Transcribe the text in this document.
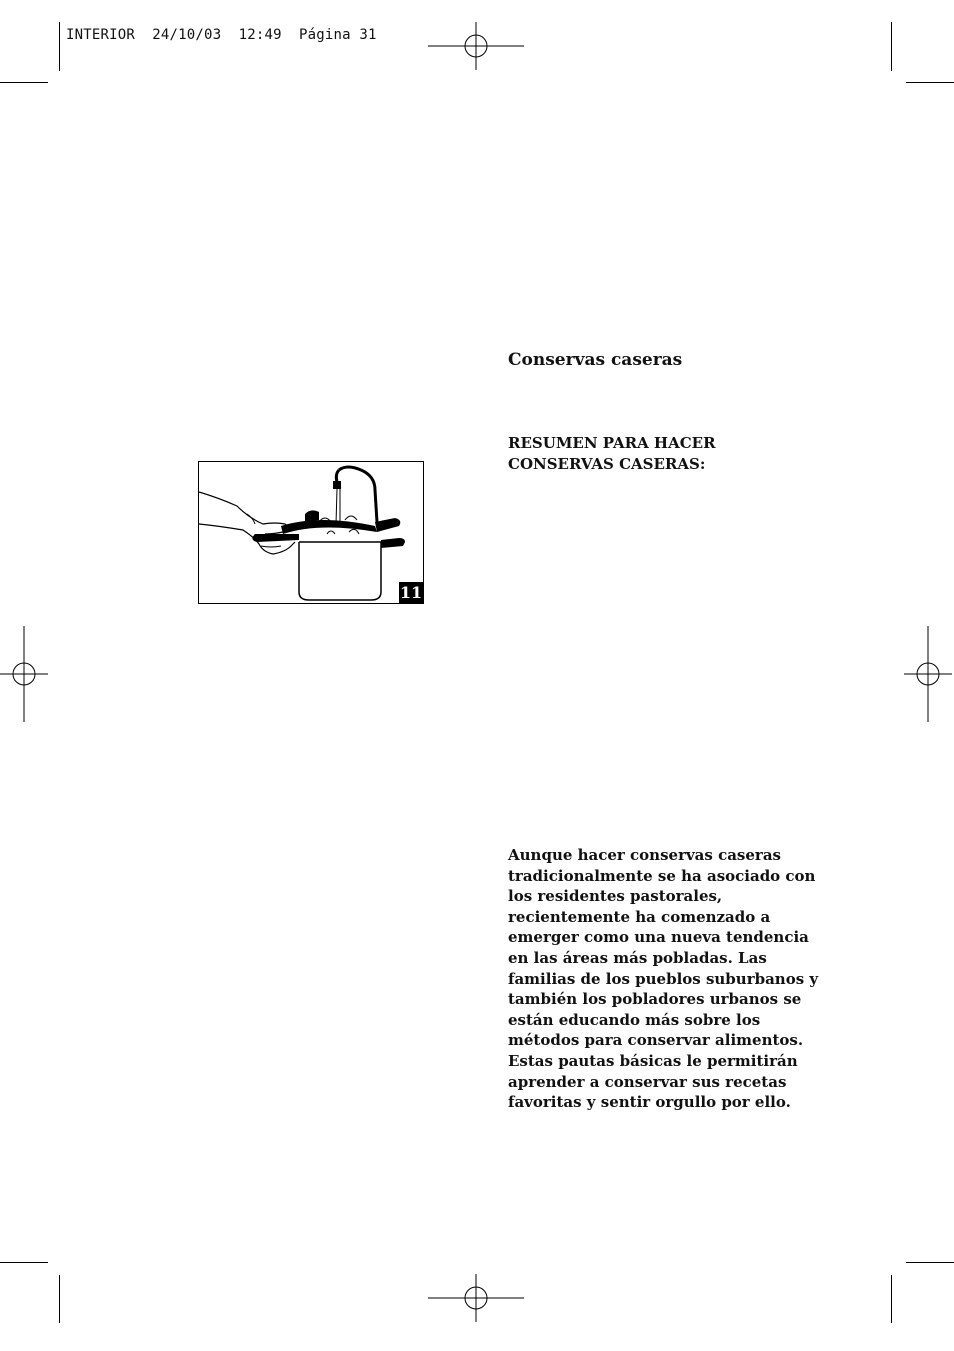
INTERIOR  24/10/03  12:49  Página 31
11
Conservas caseras
RESUMEN PARA HACER CONSERVAS CASERAS:
Aunque hacer conservas caseras tradicionalmente se ha asociado con los residentes pastorales, recientemente ha comenzado a emerger como una nueva tendencia en las áreas más pobladas. Las familias de los pueblos suburbanos y también los pobladores urbanos se están educando más sobre los métodos para conservar alimentos. Estas pautas básicas le permitirán aprender a conservar sus recetas favoritas y sentir orgullo por ello.
